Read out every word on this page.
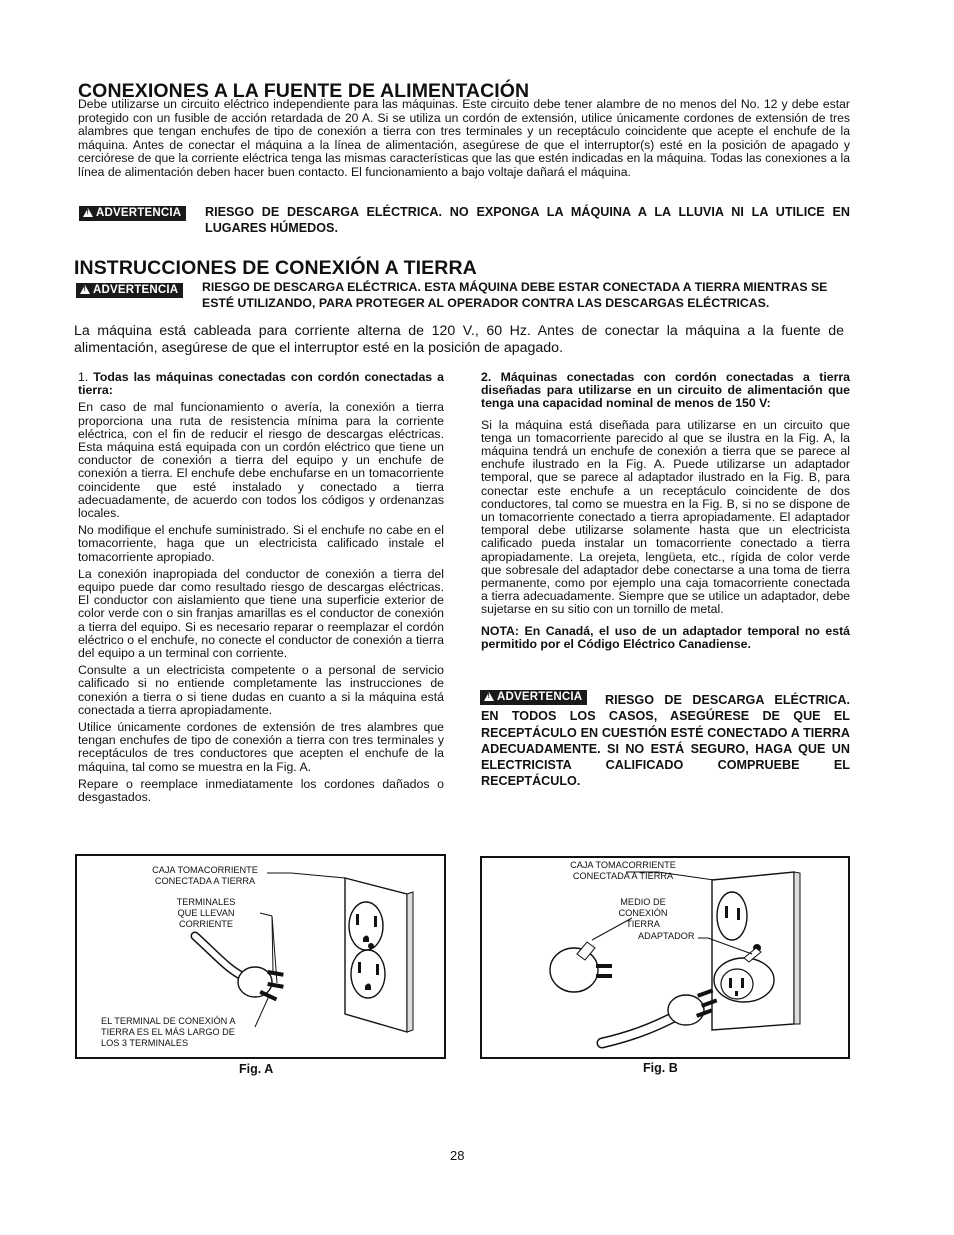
CONEXIONES A LA FUENTE DE ALIMENTACIÓN
Debe utilizarse un circuito eléctrico independiente para las máquinas. Este circuito debe tener alambre de no menos del No. 12 y debe estar protegido con un fusible de acción retardada de 20 A. Si se utiliza un cordón de extensión, utilice únicamente cordones de extensión de tres alambres que tengan enchufes de tipo de conexión a tierra con tres terminales y un receptáculo coincidente que acepte el enchufe de la máquina. Antes de conectar el máquina a la línea de alimentación, asegúrese de que el interruptor(s) esté en la posición de apagado y cerciórese de que la corriente eléctrica tenga las mismas características que las que estén indicadas en la máquina. Todas las conexiones a la línea de alimentación deben hacer buen contacto. El funcionamiento a bajo voltaje dañará el máquina.
!ADVERTENCIA	RIESGO DE DESCARGA ELÉCTRICA. NO EXPONGA LA MÁQUINA A LA LLUVIA NI LA UTILICE EN LUGARES HÚMEDOS.
INSTRUCCIONES DE CONEXIÓN A TIERRA
!ADVERTENCIA	RIESGO DE DESCARGA ELÉCTRICA. ESTA MÁQUINA DEBE ESTAR CONECTADA A TIERRA MIENTRAS SE ESTÉ UTILIZANDO, PARA PROTEGER AL OPERADOR CONTRA LAS DESCARGAS ELÉCTRICAS.
La máquina está cableada para corriente alterna de 120 V., 60 Hz. Antes de conectar la máquina a la fuente de alimentación, asegúrese de que el interruptor esté en la posición de apagado.

1. Todas las máquinas conectadas con cordón conectadas a tierra:

En caso de mal funcionamiento o avería, la conexión a tierra proporciona una ruta de resistencia mínima para la corriente eléctrica, con el fin de reducir el riesgo de descargas eléctricas. Esta máquina está equipada con un cordón eléctrico que tiene un conductor de conexión a tierra del equipo y un enchufe de conexión a tierra. El enchufe debe enchufarse en un tomacorriente coincidente que esté instalado y conectado a tierra adecuadamente, de acuerdo con todos los códigos y ordenanzas locales.

No modifique el enchufe suministrado. Si el enchufe no cabe en el tomacorriente, haga que un electricista calificado instale el tomacorriente apropiado.

La conexión inapropiada del conductor de conexión a tierra del equipo puede dar como resultado riesgo de descargas eléctricas. El conductor con aislamiento que tiene una superficie exterior de color verde con o sin franjas amarillas es el conductor de conexión a tierra del equipo. Si es necesario reparar o reemplazar el cordón eléctrico o el enchufe, no conecte el conductor de conexión a tierra del equipo a un terminal con corriente.

Consulte a un electricista competente o a personal de servicio calificado si no entiende completamente las instrucciones de conexión a tierra o si tiene dudas en cuanto a si la máquina está conectada a tierra apropiadamente.

Utilice únicamente cordones de extensión de tres alambres que tengan enchufes de tipo de conexión a tierra con tres terminales y receptáculos de tres conductores que acepten el enchufe de la máquina, tal como se muestra en la Fig. A.

Repare o reemplace inmediatamente los cordones dañados o desgastados.

2. Máquinas conectadas con cordón conectadas a tierra diseñadas para utilizarse en un circuito de alimentación que tenga una capacidad nominal de menos de 150 V:

Si la máquina está diseñada para utilizarse en un circuito que tenga un tomacorriente parecido al que se ilustra en la Fig. A, la máquina tendrá un enchufe de conexión a tierra que se parece al enchufe ilustrado en la Fig. A. Puede utilizarse un adaptador temporal, que se parece al adaptador ilustrado en la Fig. B, para conectar este enchufe a un receptáculo coincidente de dos conductores, tal como se muestra en la Fig. B, si no se dispone de un tomacorriente conectado a tierra apropiadamente. El adaptador temporal debe utilizarse solamente hasta que un electricista calificado pueda instalar un tomacorriente conectado a tierra apropiadamente. La orejeta, lengüeta, etc., rígida de color verde que sobresale del adaptador debe conectarse a una toma de tierra permanente, como por ejemplo una caja tomacorriente conectada a tierra adecuadamente. Siempre que se utilice un adaptador, debe sujetarse en su sitio con un tornillo de metal.

NOTA: En Canadá, el uso de un adaptador temporal no está permitido por el Código Eléctrico Canadiense.

!ADVERTENCIA	RIESGO DE DESCARGA ELÉCTRICA. EN TODOS LOS CASOS, ASEGÚRESE DE QUE EL RECEPTÁCULO EN CUESTIÓN ESTÉ CONECTADO A TIERRA ADECUADAMENTE. SI NO ESTÁ SEGURO, HAGA QUE UN ELECTRICISTA CALIFICADO COMPRUEBE EL RECEPTÁCULO.
CAJA TOMACORRIENTE
CONECTADA A TIERRA
TERMINALES
QUE LLEVAN
CORRIENTE
EL TERMINAL DE CONEXIÓN A
TIERRA ES EL MÁS LARGO DE
LOS 3 TERMINALES
Fig. A
CAJA TOMACORRIENTE
CONECTADA A TIERRA
MEDIO DE CONEXIÓN
TIERRA
ADAPTADOR
Fig. B
28
